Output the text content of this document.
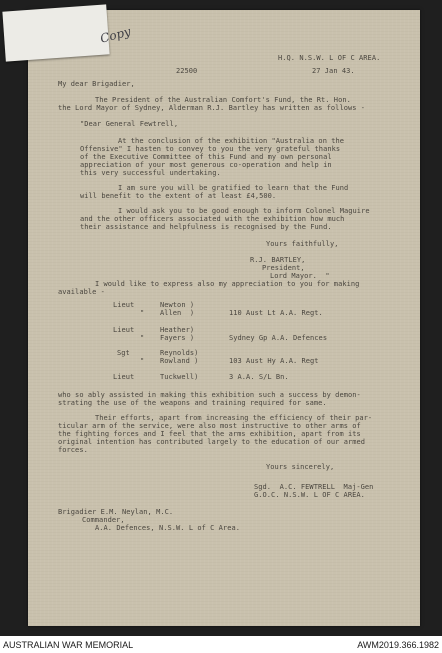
Copy
H.Q. N.S.W. L OF C AREA.
22500	27 Jan 43.
My dear Brigadier,
The President of the Australian Comfort's Fund, the Rt. Hon.
the Lord Mayor of Sydney, Alderman R.J. Bartley has written as follows -
"Dear General Fewtrell,
At the conclusion of the exhibition "Australia on the
Offensive" I hasten to convey to you the very grateful thanks
of the Executive Committee of this Fund and my own personal
appreciation of your most generous co-operation and help in
this very successful undertaking.
I am sure you will be gratified to learn that the Fund
will benefit to the extent of at least £4,500.
I would ask you to be good enough to inform Colonel Maguire
and the other officers associated with the exhibition how much
their assistance and helpfulness is recognised by the Fund.
Yours faithfully,
R.J. BARTLEY,
President,
Lord Mayor.  "
I would like to express also my appreciation to you for making
available -
Lieut	Newton )
" Allen  )	110 Aust Lt A.A. Regt.
Lieut	Heather)
" Fayers )	Sydney Gp A.A. Defences
Sgt	Reynolds)
" Rowland )	103 Aust Hy A.A. Regt
Lieut	Tuckwell)	3 A.A. S/L Bn.
who so ably assisted in making this exhibition such a success by demon-
strating the use of the weapons and training required for same.
Their efforts, apart from increasing the efficiency of their par-
ticular arm of the service, were also most instructive to other arms of
the fighting forces and I feel that the arms exhibition, apart from its
original intention has contributed largely to the education of our armed
forces.
Yours sincerely,
Sgd.  A.C. FEWTRELL  Maj-Gen
G.O.C. N.S.W. L OF C AREA.
Brigadier E.M. Neylan, M.C.
Commander,
A.A. Defences, N.S.W. L of C Area.
AUSTRALIAN WAR MEMORIAL	AWM2019.366.1982
